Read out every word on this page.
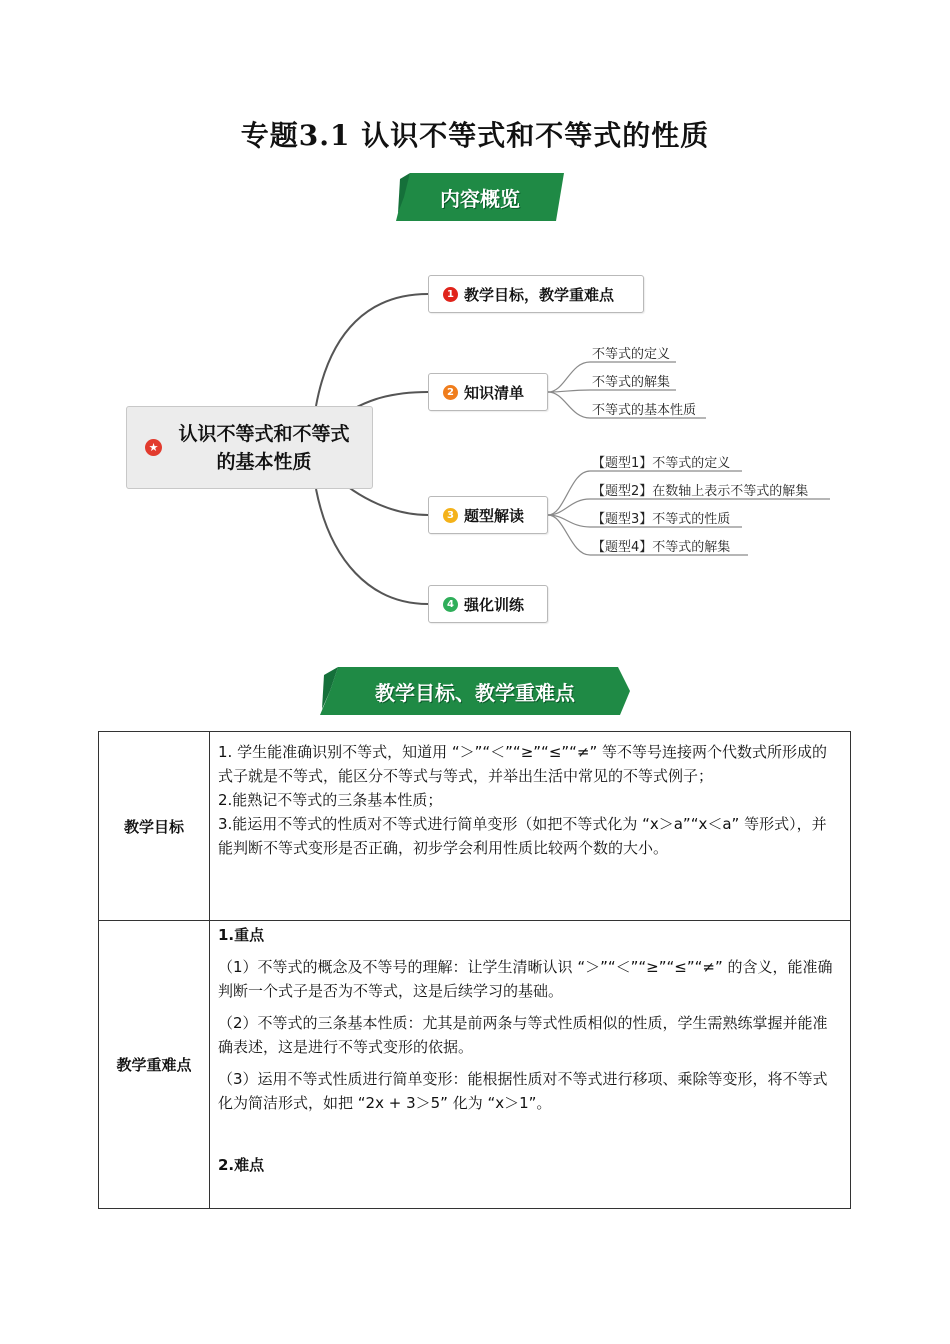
专题3.1 认识不等式和不等式的性质
内容概览
★
认识不等式和不等式
的基本性质
1 教学目标，教学重难点
2 知识清单
3 题型解读
4 强化训练
不等式的定义
不等式的解集
不等式的基本性质
【题型1】不等式的定义
【题型2】在数轴上表示不等式的解集
【题型3】不等式的性质
【题型4】不等式的解集
教学目标、教学重难点
教学目标	1. 学生能准确识别不等式，知道用 “＞”“＜”“≥”“≤”“≠” 等不等号连接两个代数式所形成的式子就是不等式，能区分不等式与等式，并举出生活中常见的不等式例子；

2.能熟记不等式的三条基本性质；

3.能运用不等式的性质对不等式进行简单变形（如把不等式化为 “x＞a”“x＜a” 等形式），并能判断不等式变形是否正确，初步学会利用性质比较两个数的大小。

教学重难点	1.重点

（1）不等式的概念及不等号的理解：让学生清晰认识 “＞”“＜”“≥”“≤”“≠” 的含义，能准确判断一个式子是否为不等式，这是后续学习的基础。

（2）不等式的三条基本性质：尤其是前两条与等式性质相似的性质，学生需熟练掌握并能准确表述，这是进行不等式变形的依据。

（3）运用不等式性质进行简单变形：能根据性质对不等式进行移项、乘除等变形，将不等式化为简洁形式，如把 “2x + 3＞5” 化为 “x＞1”。

2.难点
